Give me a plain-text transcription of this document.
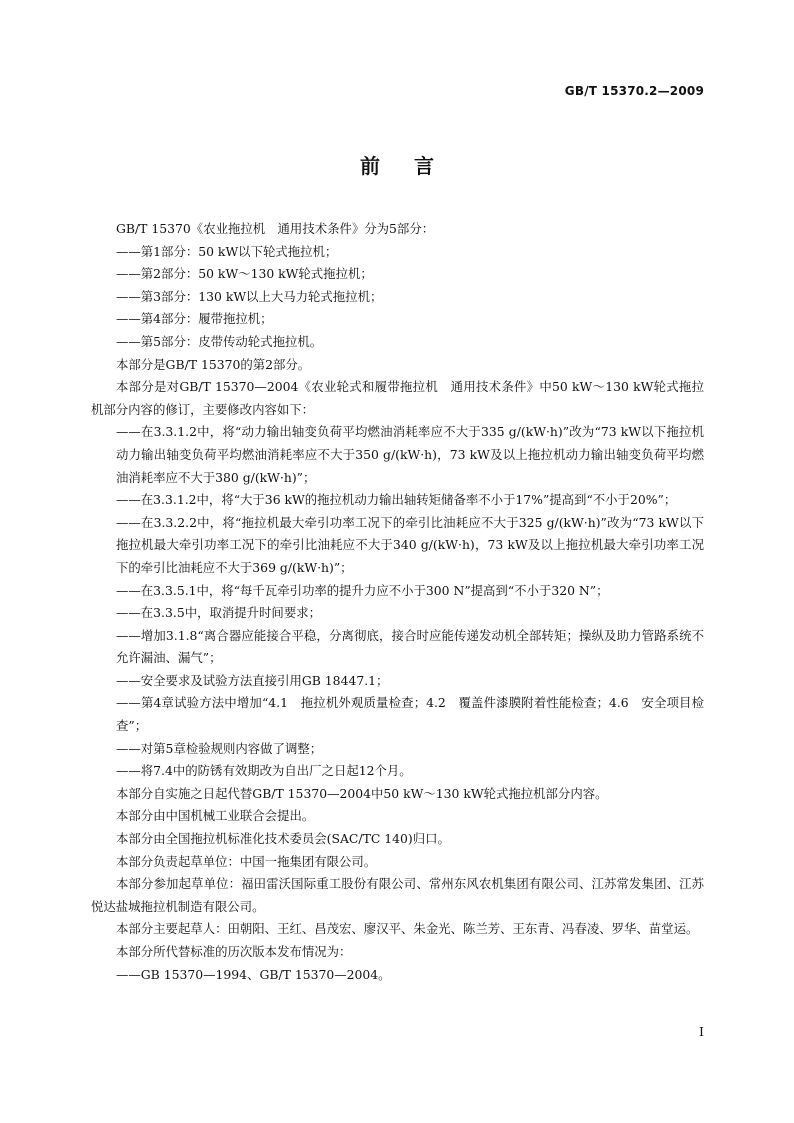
GB/T 15370.2—2009
前言

GB/T 15370《农业拖拉机　通用技术条件》分为5部分：

——第1部分：50 kW以下轮式拖拉机；

——第2部分：50 kW～130 kW轮式拖拉机；

——第3部分：130 kW以上大马力轮式拖拉机；

——第4部分：履带拖拉机；

——第5部分：皮带传动轮式拖拉机。

本部分是GB/T 15370的第2部分。

本部分是对GB/T 15370—2004《农业轮式和履带拖拉机　通用技术条件》中50 kW～130 kW轮式拖拉机部分内容的修订，主要修改内容如下：

——在3.3.1.2中，将“动力输出轴变负荷平均燃油消耗率应不大于335 g/(kW·h)”改为“73 kW以下拖拉机动力输出轴变负荷平均燃油消耗率应不大于350 g/(kW·h)，73 kW及以上拖拉机动力输出轴变负荷平均燃油消耗率应不大于380 g/(kW·h)”；

——在3.3.1.2中，将“大于36 kW的拖拉机动力输出轴转矩储备率不小于17%”提高到“不小于20%”；

——在3.3.2.2中，将“拖拉机最大牵引功率工况下的牵引比油耗应不大于325 g/(kW·h)”改为“73 kW以下拖拉机最大牵引功率工况下的牵引比油耗应不大于340 g/(kW·h)，73 kW及以上拖拉机最大牵引功率工况下的牵引比油耗应不大于369 g/(kW·h)”；

——在3.3.5.1中，将“每千瓦牵引功率的提升力应不小于300 N”提高到“不小于320 N”；

——在3.3.5中，取消提升时间要求；

——增加3.1.8“离合器应能接合平稳，分离彻底，接合时应能传递发动机全部转矩；操纵及助力管路系统不允许漏油、漏气”；

——安全要求及试验方法直接引用GB 18447.1；

——第4章试验方法中增加“4.1　拖拉机外观质量检查；4.2　覆盖件漆膜附着性能检查；4.6　安全项目检查”；

——对第5章检验规则内容做了调整；

——将7.4中的防锈有效期改为自出厂之日起12个月。

本部分自实施之日起代替GB/T 15370—2004中50 kW～130 kW轮式拖拉机部分内容。

本部分由中国机械工业联合会提出。

本部分由全国拖拉机标准化技术委员会(SAC/TC 140)归口。

本部分负责起草单位：中国一拖集团有限公司。

本部分参加起草单位：福田雷沃国际重工股份有限公司、常州东风农机集团有限公司、江苏常发集团、江苏悦达盐城拖拉机制造有限公司。

本部分主要起草人：田朝阳、王红、昌茂宏、廖汉平、朱金光、陈兰芳、王东青、冯春凌、罗华、苗堂运。

本部分所代替标准的历次版本发布情况为：

——GB 15370—1994、GB/T 15370—2004。

I
